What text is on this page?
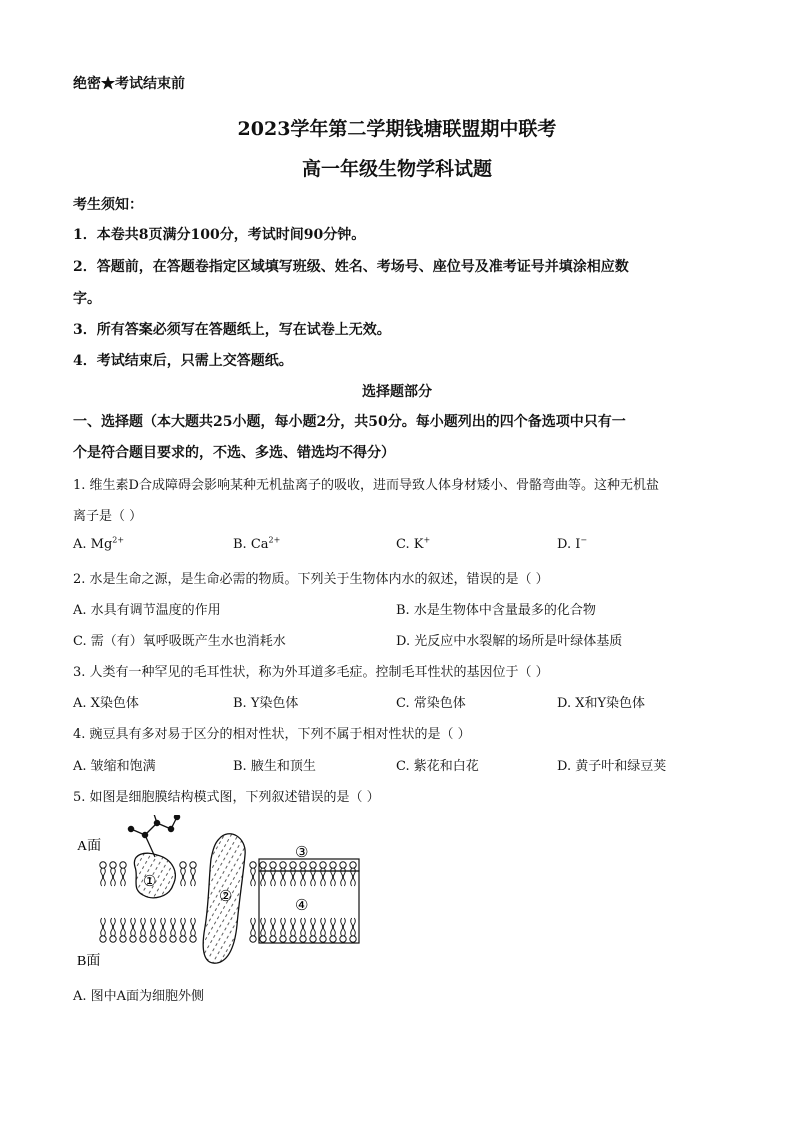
绝密★考试结束前
2023学年第二学期钱塘联盟期中联考
高一年级生物学科试题
考生须知：
1．本卷共8页满分100分，考试时间90分钟。
2．答题前，在答题卷指定区域填写班级、姓名、考场号、座位号及准考证号并填涂相应数
字。
3．所有答案必须写在答题纸上，写在试卷上无效。
4．考试结束后，只需上交答题纸。
选择题部分
一、选择题（本大题共25小题，每小题2分，共50分。每小题列出的四个备选项中只有一
个是符合题目要求的，不选、多选、错选均不得分）
1. 维生素D合成障碍会影响某种无机盐离子的吸收，进而导致人体身材矮小、骨骼弯曲等。这种无机盐
离子是（ ）
A. $Mg^{2+}$	B. $Ca^{2+}$	C. K+	D. I−
2. 水是生命之源，是生命必需的物质。下列关于生物体内水的叙述，错误的是（ ）
A. 水具有调节温度的作用	B. 水是生物体中含量最多的化合物
C. 需（有）氧呼吸既产生水也消耗水	D. 光反应中水裂解的场所是叶绿体基质
3. 人类有一种罕见的毛耳性状，称为外耳道多毛症。控制毛耳性状的基因位于（ ）
A. X染色体	B. Y染色体	C. 常染色体	D. X和Y染色体
4. 豌豆具有多对易于区分的相对性状，下列不属于相对性状的是（ ）
A. 皱缩和饱满	B. 腋生和顶生	C. 紫花和白花	D. 黄子叶和绿豆荚
5. 如图是细胞膜结构模式图，下列叙述错误的是（ ）
A面
B面
①
②
③
④
A. 图中A面为细胞外侧
